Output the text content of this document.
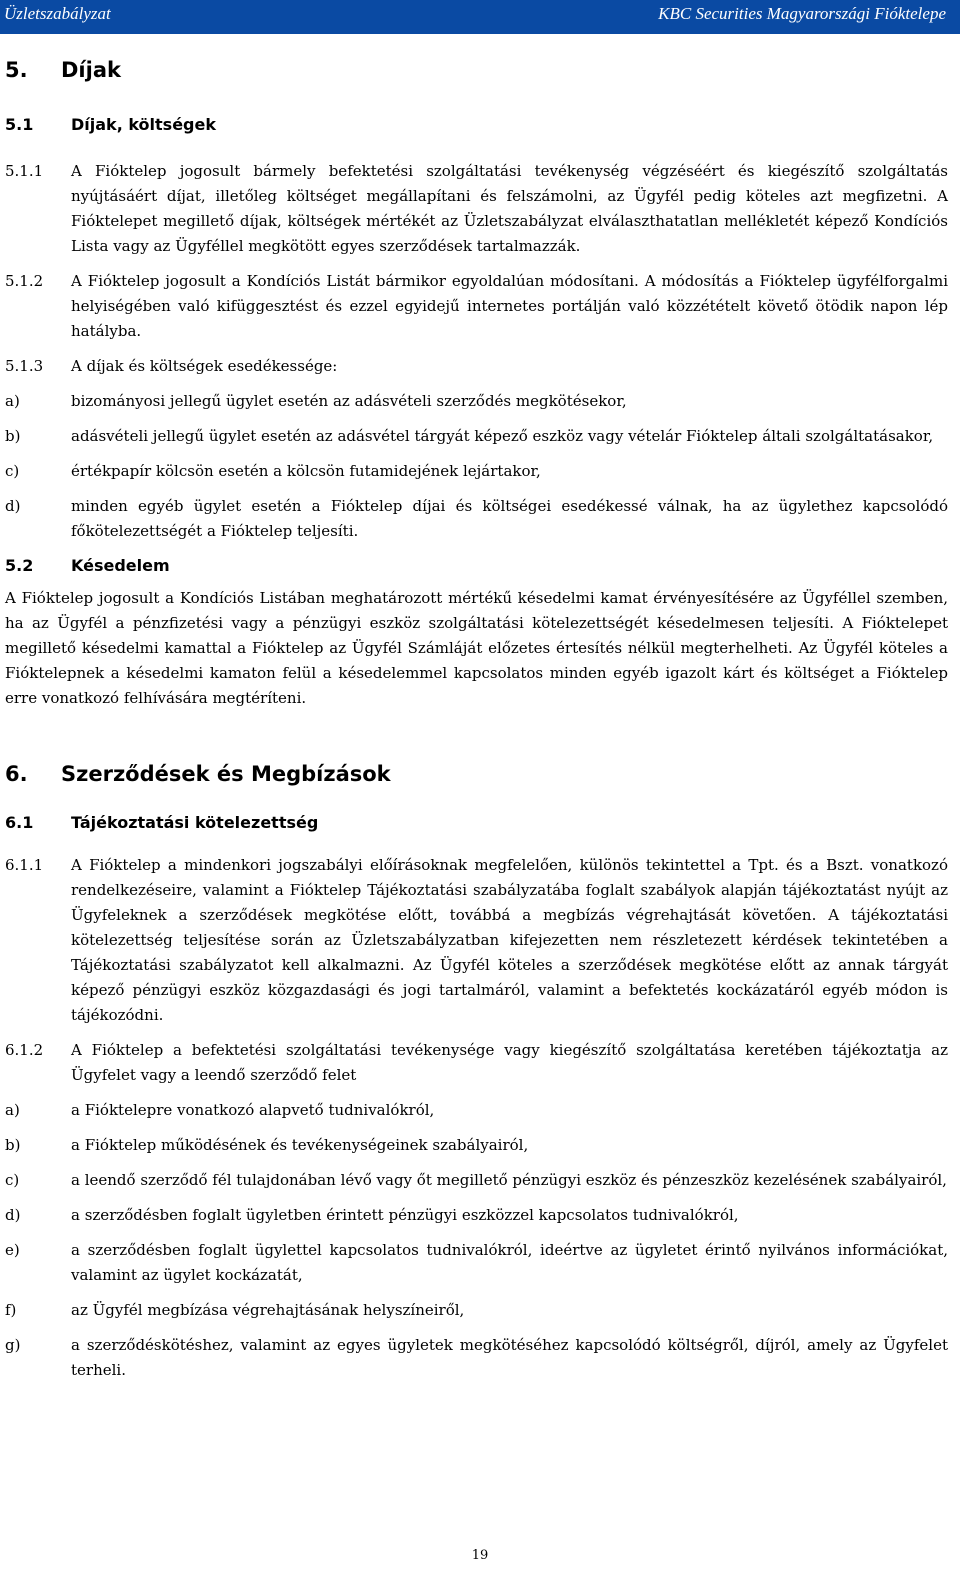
Üzletszabályzat	KBC Securities Magyarországi Fióktelepe
5.	Díjak
5.1	Díjak, költségek
5.1.1	A Fióktelep jogosult bármely befektetési szolgáltatási tevékenység végzéséért és kiegészítő szolgáltatás nyújtásáért díjat, illetőleg költséget megállapítani és felszámolni, az Ügyfél pedig köteles azt megfizetni. A Fióktelepet megillető díjak, költségek mértékét az Üzletszabályzat elválaszthatatlan mellékletét képező Kondíciós Lista vagy az Ügyféllel megkötött egyes szerződések tartalmazzák.
5.1.2	A Fióktelep jogosult a Kondíciós Listát bármikor egyoldalúan módosítani. A módosítás a Fióktelep ügyfélforgalmi helyiségében való kifüggesztést és ezzel egyidejű internetes portálján való közzétételt követő ötödik napon lép hatályba.
5.1.3	A díjak és költségek esedékessége:
a)	bizományosi jellegű ügylet esetén az adásvételi szerződés megkötésekor,
b)	adásvételi jellegű ügylet esetén az adásvétel tárgyát képező eszköz vagy vételár Fióktelep általi szolgáltatásakor,
c)	értékpapír kölcsön esetén a kölcsön futamidejének lejártakor,
d)	minden egyéb ügylet esetén a Fióktelep díjai és költségei esedékessé válnak, ha az ügylethez kapcsolódó főkötelezettségét a Fióktelep teljesíti.
5.2	Késedelem
A Fióktelep jogosult a Kondíciós Listában meghatározott mértékű késedelmi kamat érvényesítésére az Ügyféllel szemben, ha az Ügyfél a pénzfizetési vagy a pénzügyi eszköz szolgáltatási kötelezettségét késedelmesen teljesíti. A Fióktelepet megillető késedelmi kamattal a Fióktelep az Ügyfél Számláját előzetes értesítés nélkül megterhelheti. Az Ügyfél köteles a Fióktelepnek a késedelmi kamaton felül a késedelemmel kapcsolatos minden egyéb igazolt kárt és költséget a Fióktelep erre vonatkozó felhívására megtéríteni.
6.	Szerződések és Megbízások
6.1	Tájékoztatási kötelezettség
6.1.1	A Fióktelep a mindenkori jogszabályi előírásoknak megfelelően, különös tekintettel a Tpt. és a Bszt. vonatkozó rendelkezéseire, valamint a Fióktelep Tájékoztatási szabályzatába foglalt szabályok alapján tájékoztatást nyújt az Ügyfeleknek a szerződések megkötése előtt, továbbá a megbízás végrehajtását követően. A tájékoztatási kötelezettség teljesítése során az Üzletszabályzatban kifejezetten nem részletezett kérdések tekintetében a Tájékoztatási szabályzatot kell alkalmazni. Az Ügyfél köteles a szerződések megkötése előtt az annak tárgyát képező pénzügyi eszköz közgazdasági és jogi tartalmáról, valamint a befektetés kockázatáról egyéb módon is tájékozódni.
6.1.2	A Fióktelep a befektetési szolgáltatási tevékenysége vagy kiegészítő szolgáltatása keretében tájékoztatja az Ügyfelet vagy a leendő szerződő felet
a)	a Fióktelepre vonatkozó alapvető tudnivalókról,
b)	a Fióktelep működésének és tevékenységeinek szabályairól,
c)	a leendő szerződő fél tulajdonában lévő vagy őt megillető pénzügyi eszköz és pénzeszköz kezelésének szabályairól,
d)	a szerződésben foglalt ügyletben érintett pénzügyi eszközzel kapcsolatos tudnivalókról,
e)	a szerződésben foglalt ügylettel kapcsolatos tudnivalókról, ideértve az ügyletet érintő nyilvános információkat, valamint az ügylet kockázatát,
f)	az Ügyfél megbízása végrehajtásának helyszíneiről,
g)	a szerződéskötéshez, valamint az egyes ügyletek megkötéséhez kapcsolódó költségről, díjról, amely az Ügyfelet terheli.
19
